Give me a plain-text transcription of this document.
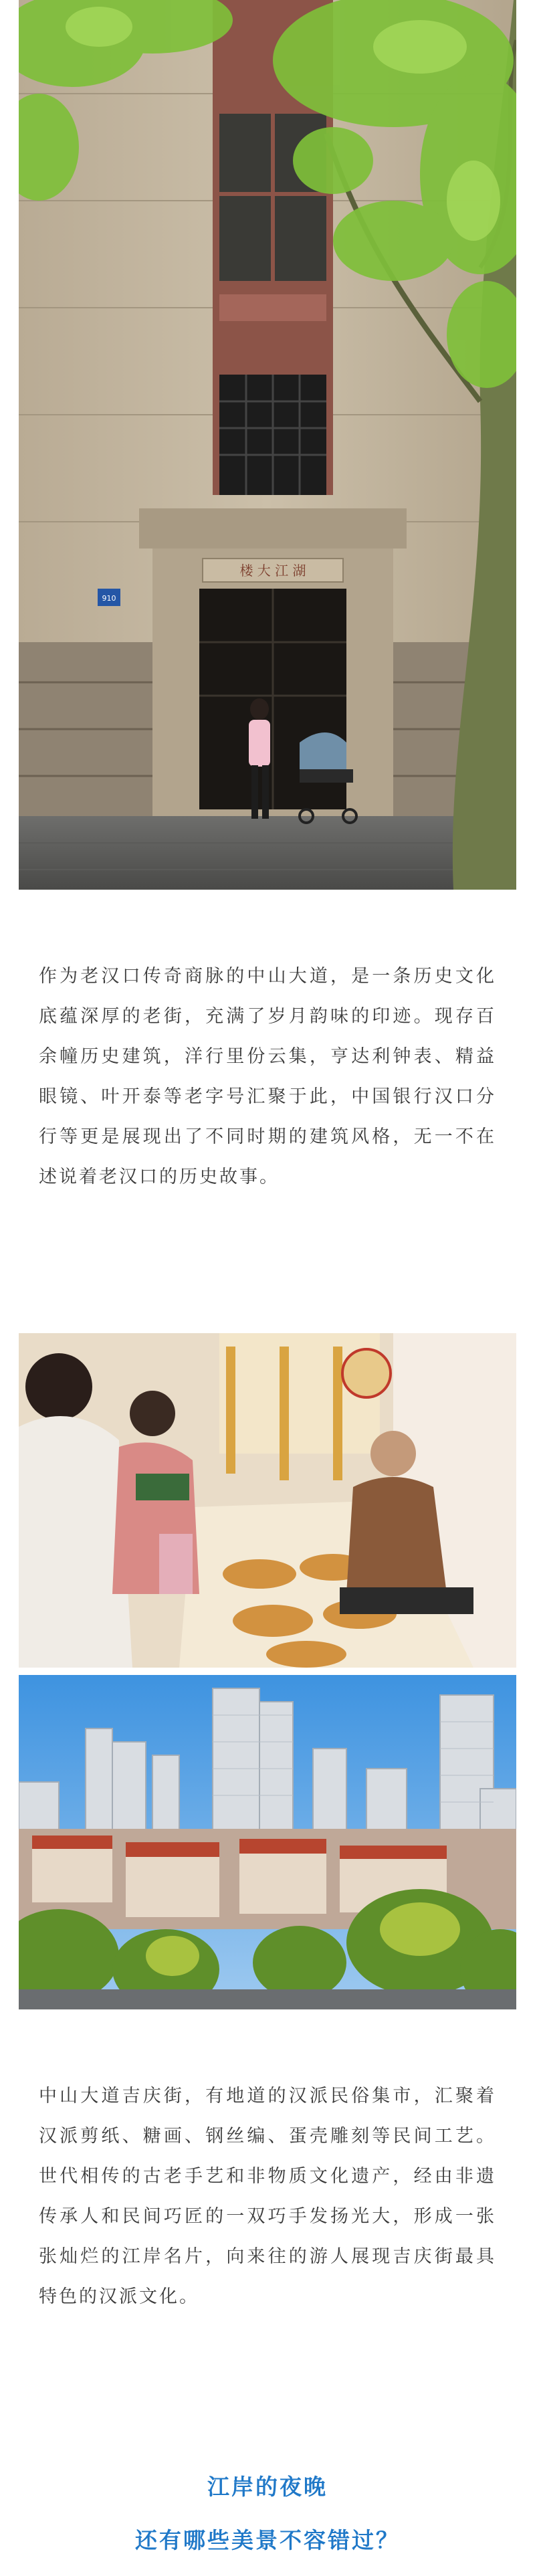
楼 大 江 湖
910

作为老汉口传奇商脉的中山大道，是一条历史文化底蕴深厚的老街，充满了岁月韵味的印迹。现存百余幢历史建筑，洋行里份云集，亨达利钟表、精益眼镜、叶开泰等老字号汇聚于此，中国银行汉口分行等更是展现出了不同时期的建筑风格，无一不在述说着老汉口的历史故事。

中山大道吉庆街，有地道的汉派民俗集市，汇聚着汉派剪纸、糖画、钢丝编、蛋壳雕刻等民间工艺。世代相传的古老手艺和非物质文化遗产，经由非遗传承人和民间巧匠的一双巧手发扬光大，形成一张张灿烂的江岸名片，向来往的游人展现吉庆街最具特色的汉派文化。

江岸的夜晚

还有哪些美景不容错过？
